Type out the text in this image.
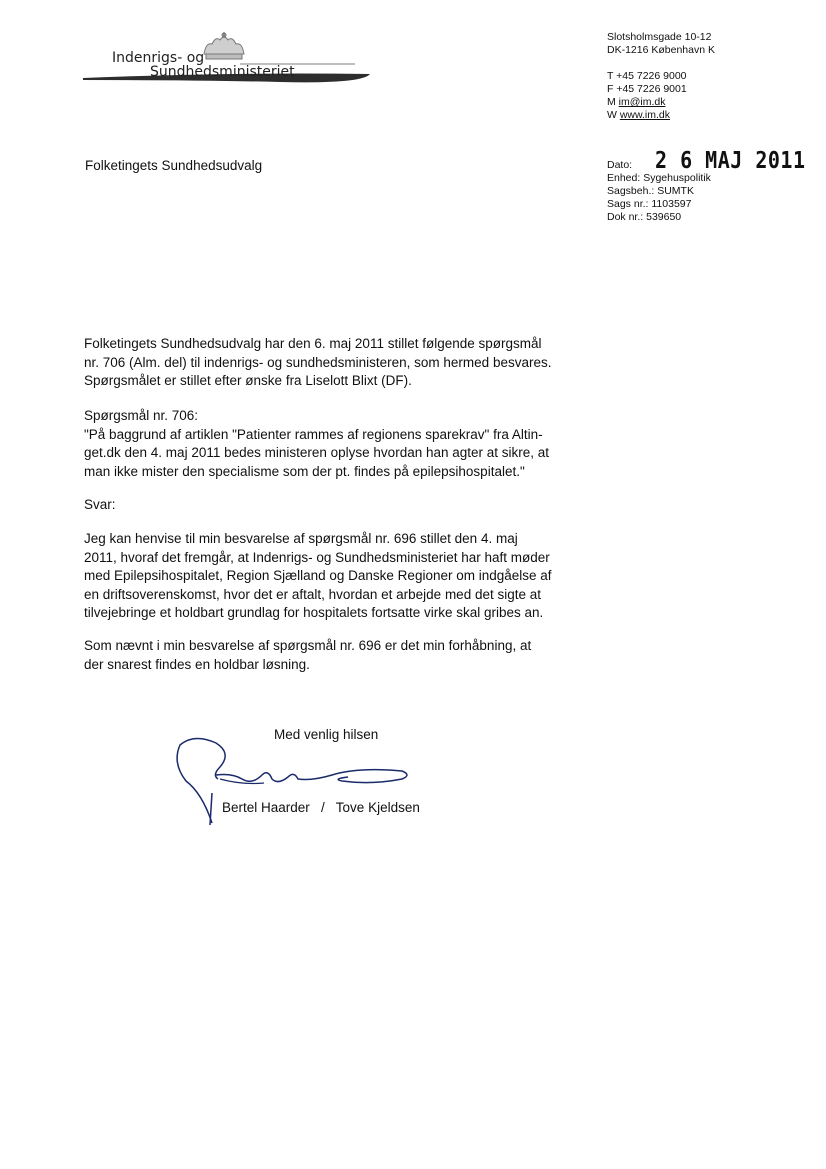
Indenrigs- og
Sundhedsministeriet
Slotsholmsgade 10-12
DK-1216 København K
T +45 7226 9000
F +45 7226 9001
M im@im.dk
W www.im.dk
Dato: 2 6 MAJ 2011
Enhed: Sygehuspolitik
Sagsbeh.: SUMTK
Sags nr.: 1103597
Dok nr.: 539650
Folketingets Sundhedsudvalg
Folketingets Sundhedsudvalg har den 6. maj 2011 stillet følgende spørgsmål
nr. 706 (Alm. del) til indenrigs- og sundhedsministeren, som hermed besvares.
Spørgsmålet er stillet efter ønske fra Liselott Blixt (DF).
Spørgsmål nr. 706:
"På baggrund af artiklen "Patienter rammes af regionens sparekrav" fra Altin-
get.dk den 4. maj 2011 bedes ministeren oplyse hvordan han agter at sikre, at
man ikke mister den specialisme som der pt. findes på epilepsihospitalet."
Svar:
Jeg kan henvise til min besvarelse af spørgsmål nr. 696 stillet den 4. maj
2011, hvoraf det fremgår, at Indenrigs- og Sundhedsministeriet har haft møder
med Epilepsihospitalet, Region Sjælland og Danske Regioner om indgåelse af
en driftsoverenskomst, hvor det er aftalt, hvordan et arbejde med det sigte at
tilvejebringe et holdbart grundlag for hospitalets fortsatte virke skal gribes an.
Som nævnt i min besvarelse af spørgsmål nr. 696 er det min forhåbning, at
der snarest findes en holdbar løsning.
Med venlig hilsen
Bertel Haarder   /   Tove Kjeldsen
